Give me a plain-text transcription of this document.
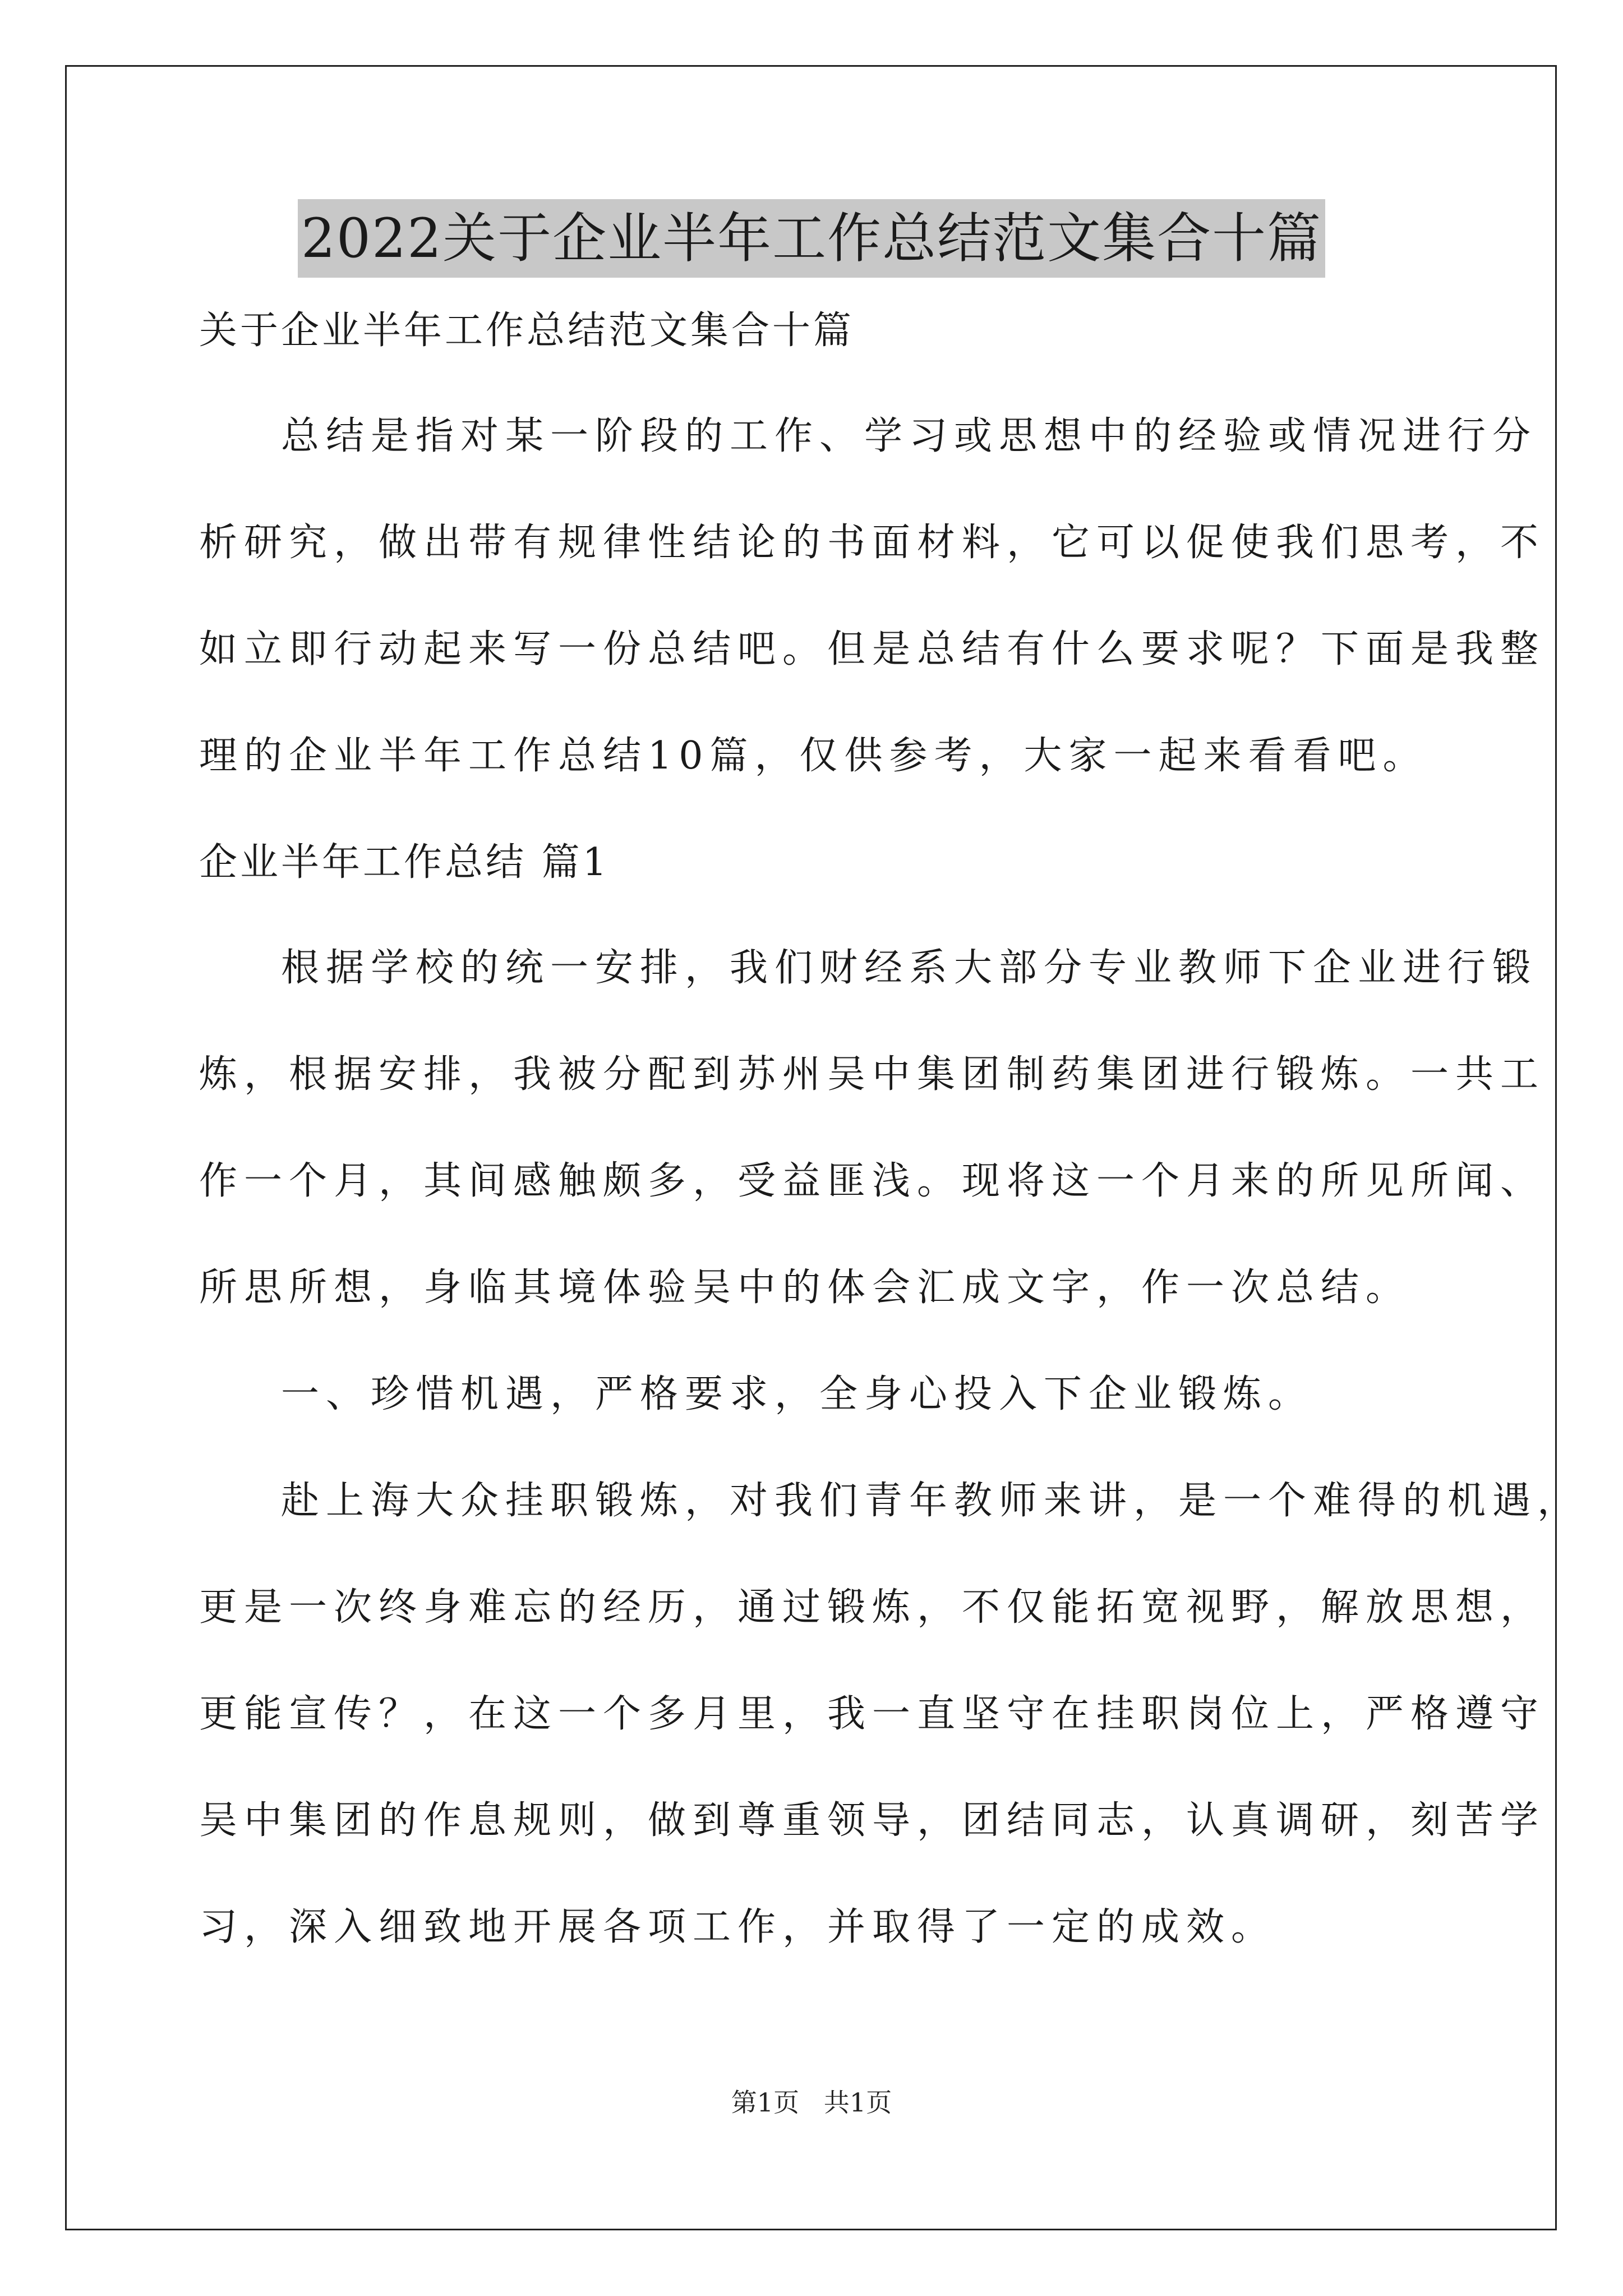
2022关于企业半年工作总结范文集合十篇
关于企业半年工作总结范文集合十篇
总结是指对某一阶段的工作、学习或思想中的经验或情况进行分
析研究，做出带有规律性结论的书面材料，它可以促使我们思考，不
如立即行动起来写一份总结吧。但是总结有什么要求呢？下面是我整
理的企业半年工作总结10篇，仅供参考，大家一起来看看吧。
企业半年工作总结 篇1
根据学校的统一安排，我们财经系大部分专业教师下企业进行锻
炼，根据安排，我被分配到苏州吴中集团制药集团进行锻炼。一共工
作一个月，其间感触颇多，受益匪浅。现将这一个月来的所见所闻、
所思所想，身临其境体验吴中的体会汇成文字，作一次总结。
一、珍惜机遇，严格要求，全身心投入下企业锻炼。
赴上海大众挂职锻炼，对我们青年教师来讲，是一个难得的机遇，
更是一次终身难忘的经历，通过锻炼，不仅能拓宽视野，解放思想，
更能宣传？，在这一个多月里，我一直坚守在挂职岗位上，严格遵守
吴中集团的作息规则，做到尊重领导，团结同志，认真调研，刻苦学
习，深入细致地开展各项工作，并取得了一定的成效。
第1页   共1页
